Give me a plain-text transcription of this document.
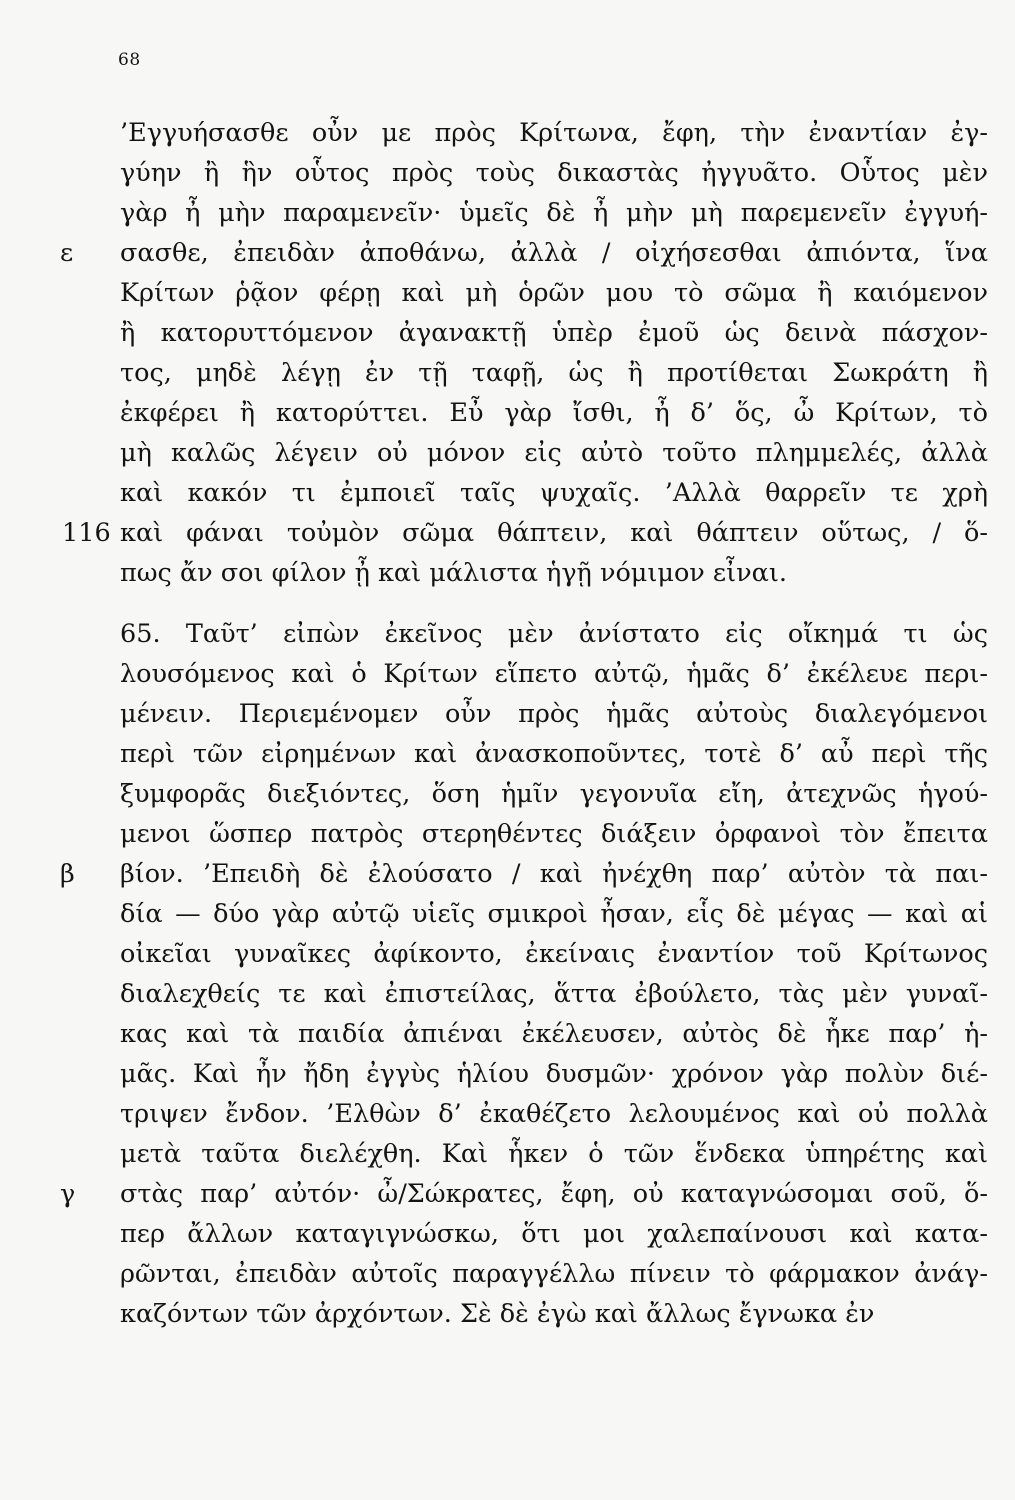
68
’Εγγυήσασθε οὖν με πρὸς Κρίτωνα, ἔφη, τὴν ἐναντίαν ἐγ-
γύην ἢ ἣν οὗτος πρὸς τοὺς δικαστὰς ἠγγυᾶτο. Οὗτος μὲν
γὰρ ἦ μὴν παραμενεῖν· ὑμεῖς δὲ ἦ μὴν μὴ παρεμενεῖν ἐγγυή-
ε	σασθε, ἐπειδὰν ἀποθάνω, ἀλλὰ / οἰχήσεσθαι ἀπιόντα, ἵνα
Κρίτων ῥᾷον φέρῃ καὶ μὴ ὁρῶν μου τὸ σῶμα ἢ καιόμενον
ἢ κατορυττόμενον ἀγανακτῇ ὑπὲρ ἐμοῦ ὡς δεινὰ πάσχον-
τος, μηδὲ λέγῃ ἐν τῇ ταφῇ, ὡς ἢ προτίθεται Σωκράτη ἢ
ἐκφέρει ἢ κατορύττει. Εὖ γὰρ ἴσθι, ἦ δ’ ὅς, ὦ Κρίτων, τὸ
μὴ καλῶς λέγειν οὐ μόνον εἰς αὐτὸ τοῦτο πλημμελές, ἀλλὰ
καὶ κακόν τι ἐμποιεῖ ταῖς ψυχαῖς. ’Αλλὰ θαρρεῖν τε χρὴ
116 καὶ φάναι τοὐμὸν σῶμα θάπτειν, καὶ θάπτειν οὕτως, / ὅ-
πως ἄν σοι φίλον ᾖ καὶ μάλιστα ἡγῇ νόμιμον εἶναι.
65. Ταῦτ’ εἰπὼν ἐκεῖνος μὲν ἀνίστατο εἰς οἴκημά τι ὡς
λουσόμενος καὶ ὁ Κρίτων εἵπετο αὐτῷ, ἡμᾶς δ’ ἐκέλευε περι-
μένειν. Περιεμένομεν οὖν πρὸς ἡμᾶς αὐτοὺς διαλεγόμενοι
περὶ τῶν εἰρημένων καὶ ἀνασκοποῦντες, τοτὲ δ’ αὖ περὶ τῆς
ξυμφορᾶς διεξιόντες, ὅση ἡμῖν γεγονυῖα εἴη, ἀτεχνῶς ἡγού-
μενοι ὥσπερ πατρὸς στερηθέντες διάξειν ὀρφανοὶ τὸν ἔπειτα
β	βίον. ’Επειδὴ δὲ ἐλούσατο / καὶ ἠνέχθη παρ’ αὐτὸν τὰ παι-
δία — δύο γὰρ αὐτῷ υἱεῖς σμικροὶ ἦσαν, εἷς δὲ μέγας — καὶ αἱ
οἰκεῖαι γυναῖκες ἀφίκοντο, ἐκείναις ἐναντίον τοῦ Κρίτωνος
διαλεχθείς τε καὶ ἐπιστείλας, ἅττα ἐβούλετο, τὰς μὲν γυναῖ-
κας καὶ τὰ παιδία ἀπιέναι ἐκέλευσεν, αὐτὸς δὲ ἧκε παρ’ ἡ-
μᾶς. Καὶ ἦν ἤδη ἐγγὺς ἡλίου δυσμῶν· χρόνον γὰρ πολὺν διέ-
τριψεν ἔνδον. ’Ελθὼν δ’ ἐκαθέζετο λελουμένος καὶ οὐ πολλὰ
μετὰ ταῦτα διελέχθη. Καὶ ἧκεν ὁ τῶν ἕνδεκα ὑπηρέτης καὶ
γ	στὰς παρ’ αὐτόν· ὦ/Σώκρατες, ἔφη, οὐ καταγνώσομαι σοῦ, ὅ-
περ ἄλλων καταγιγνώσκω, ὅτι μοι χαλεπαίνουσι καὶ κατα-
ρῶνται, ἐπειδὰν αὐτοῖς παραγγέλλω πίνειν τὸ φάρμακον ἀνάγ-
καζόντων τῶν ἀρχόντων. Σὲ δὲ ἐγὼ καὶ ἄλλως ἔγνωκα ἐν
